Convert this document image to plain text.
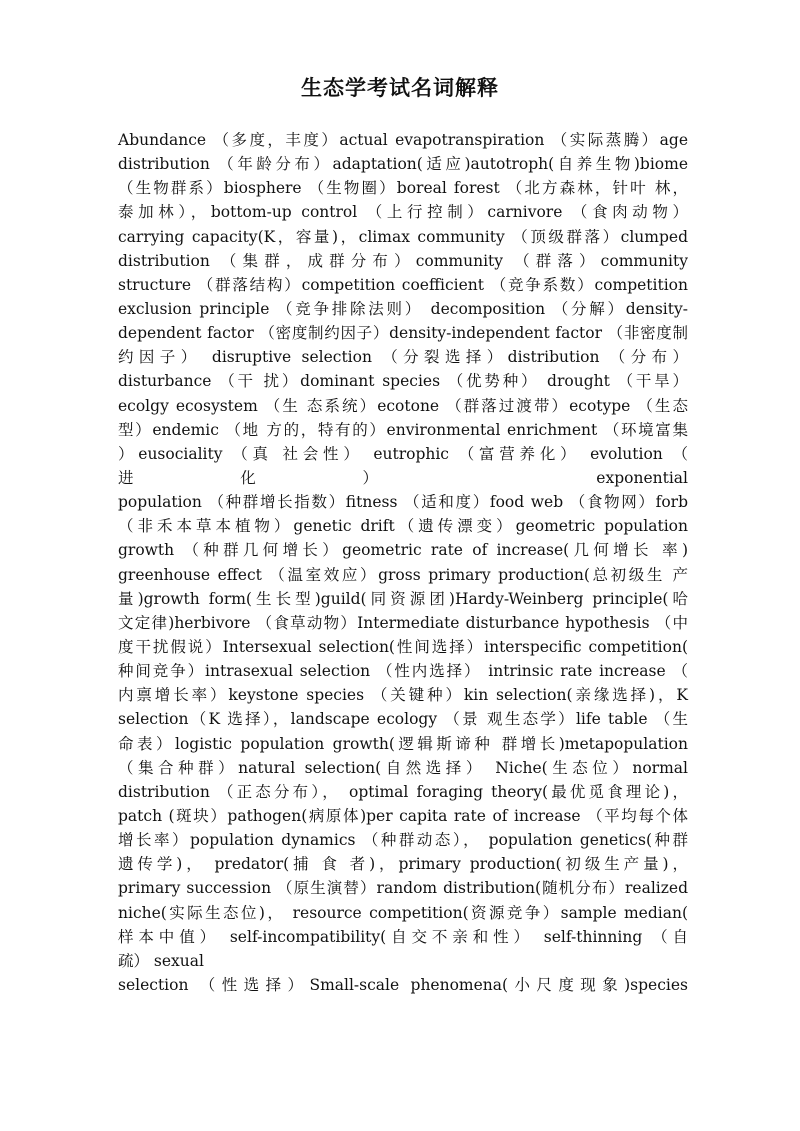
生态学考试名词解释
Abundance （多度，丰度）actual evapotranspiration （实际蒸腾）age
distribution （年龄分布）adaptation(适应)autotroph(自养生物)biome
（生物群系）biosphere （生物圈）boreal forest （北方森林，针叶 林，
泰加林），bottom-up control （上行控制）carnivore （食肉动物）
carrying capacity(K，容量)，climax community （顶级群落）clumped
distribution （集群，成群分布）community （群落）community
structure （群落结构）competition coefficient （竞争系数）competition
exclusion principle （竞争排除法则） decomposition （分解）density-
dependent factor （密度制约因子）density-independent factor （非密度制
约因子） disruptive selection （分裂选择）distribution （分布）
disturbance （干 扰）dominant species （优势种） drought （干旱）
ecolgy ecosystem （生 态系统）ecotone （群落过渡带）ecotype （生态
型）endemic （地 方的，特有的）environmental enrichment （环境富集
）eusociality （真 社会性） eutrophic （富营养化） evolution （
进化） exponential
population （种群增长指数）fitness （适和度）food web （食物网）forb
（非禾本草本植物）genetic drift（遗传漂变）geometric population
growth （种群几何增长）geometric rate of increase(几何增长 率)
greenhouse effect （温室效应）gross primary production(总初级生 产
量)growth form(生长型)guild(同资源团)Hardy-Weinberg principle(哈
文定律)herbivore （食草动物）Intermediate disturbance hypothesis （中
度干扰假说）Intersexual selection(性间选择）interspecific competition(
种间竞争）intrasexual selection （性内选择） intrinsic rate increase （
内禀增长率）keystone species （关键种）kin selection(亲缘选择)，K
selection（K 选择），landscape ecology （景 观生态学）life table （生
命表）logistic population growth(逻辑斯谛种 群增长)metapopulation
（集合种群）natural selection(自然选择） Niche(生态位）normal
distribution （正态分布）， optimal foraging theory(最优觅食理论)，
patch (斑块）pathogen(病原体)per capita rate of increase （平均每个体
增长率）population dynamics （种群动态）， population genetics(种群
遗传学)， predator(捕 食 者)，primary production(初级生产量)，
primary succession （原生演替）random distribution(随机分布）realized
niche(实际生态位)， resource competition(资源竞争）sample median(
样本中值） self-incompatibility(自交不亲和性） self-thinning （自
疏） sexual
selection （性选择）Small-scale phenomena(小尺度现象)species
